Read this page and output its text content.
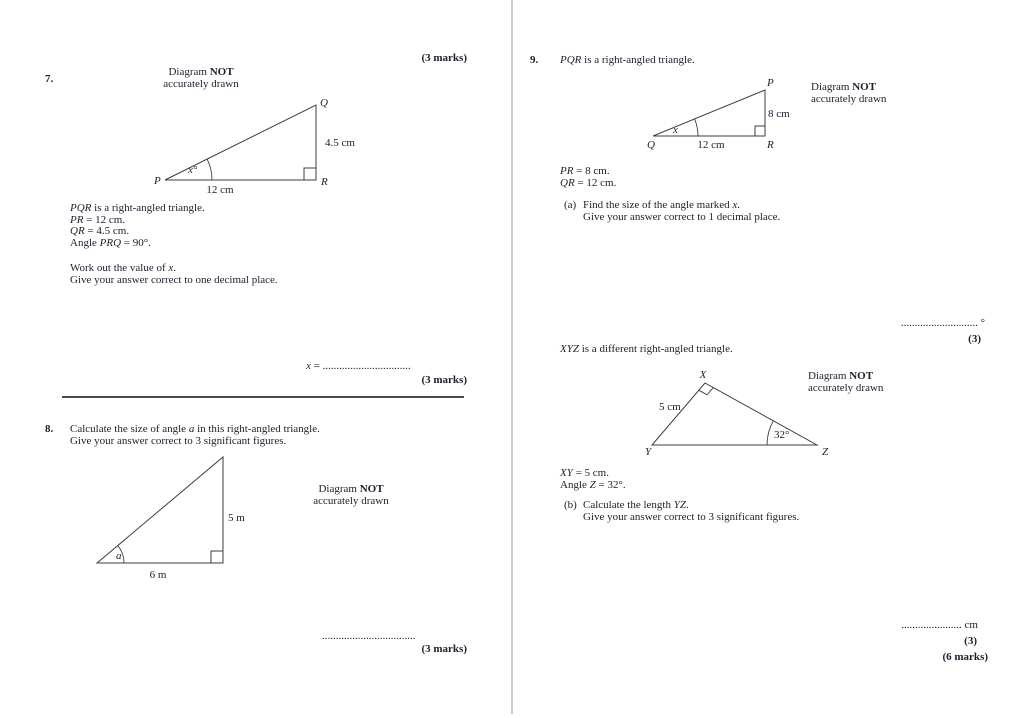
(3 marks)
7.
Diagram NOT
accurately drawn
P
Q
R
x°
12 cm
4.5 cm
PQR is a right-angled triangle.
PR = 12 cm.
QR = 4.5 cm.
Angle PRQ = 90°.
Work out the value of x.
Give your answer correct to one decimal place.
x = ................................
(3 marks)
8. Calculate the size of angle a in this right-angled triangle.
Give your answer correct to 3 significant figures.
a
6 m
5 m
Diagram NOT
accurately drawn
..................................
(3 marks)
9. PQR is a right-angled triangle.
Q	R
P
x
12 cm
8 cm
Diagram NOT
accurately drawn
PR = 8 cm.
QR = 12 cm.
(a) Find the size of the angle marked x.
Give your answer correct to 1 decimal place.
............................ °
(3)
XYZ is a different right-angled triangle.
X
Y	Z
32°
5 cm
Diagram NOT
accurately drawn
XY = 5 cm.
Angle Z = 32°.
(b) Calculate the length YZ.
Give your answer correct to 3 significant figures.
...................... cm
(3)
(6 marks)
